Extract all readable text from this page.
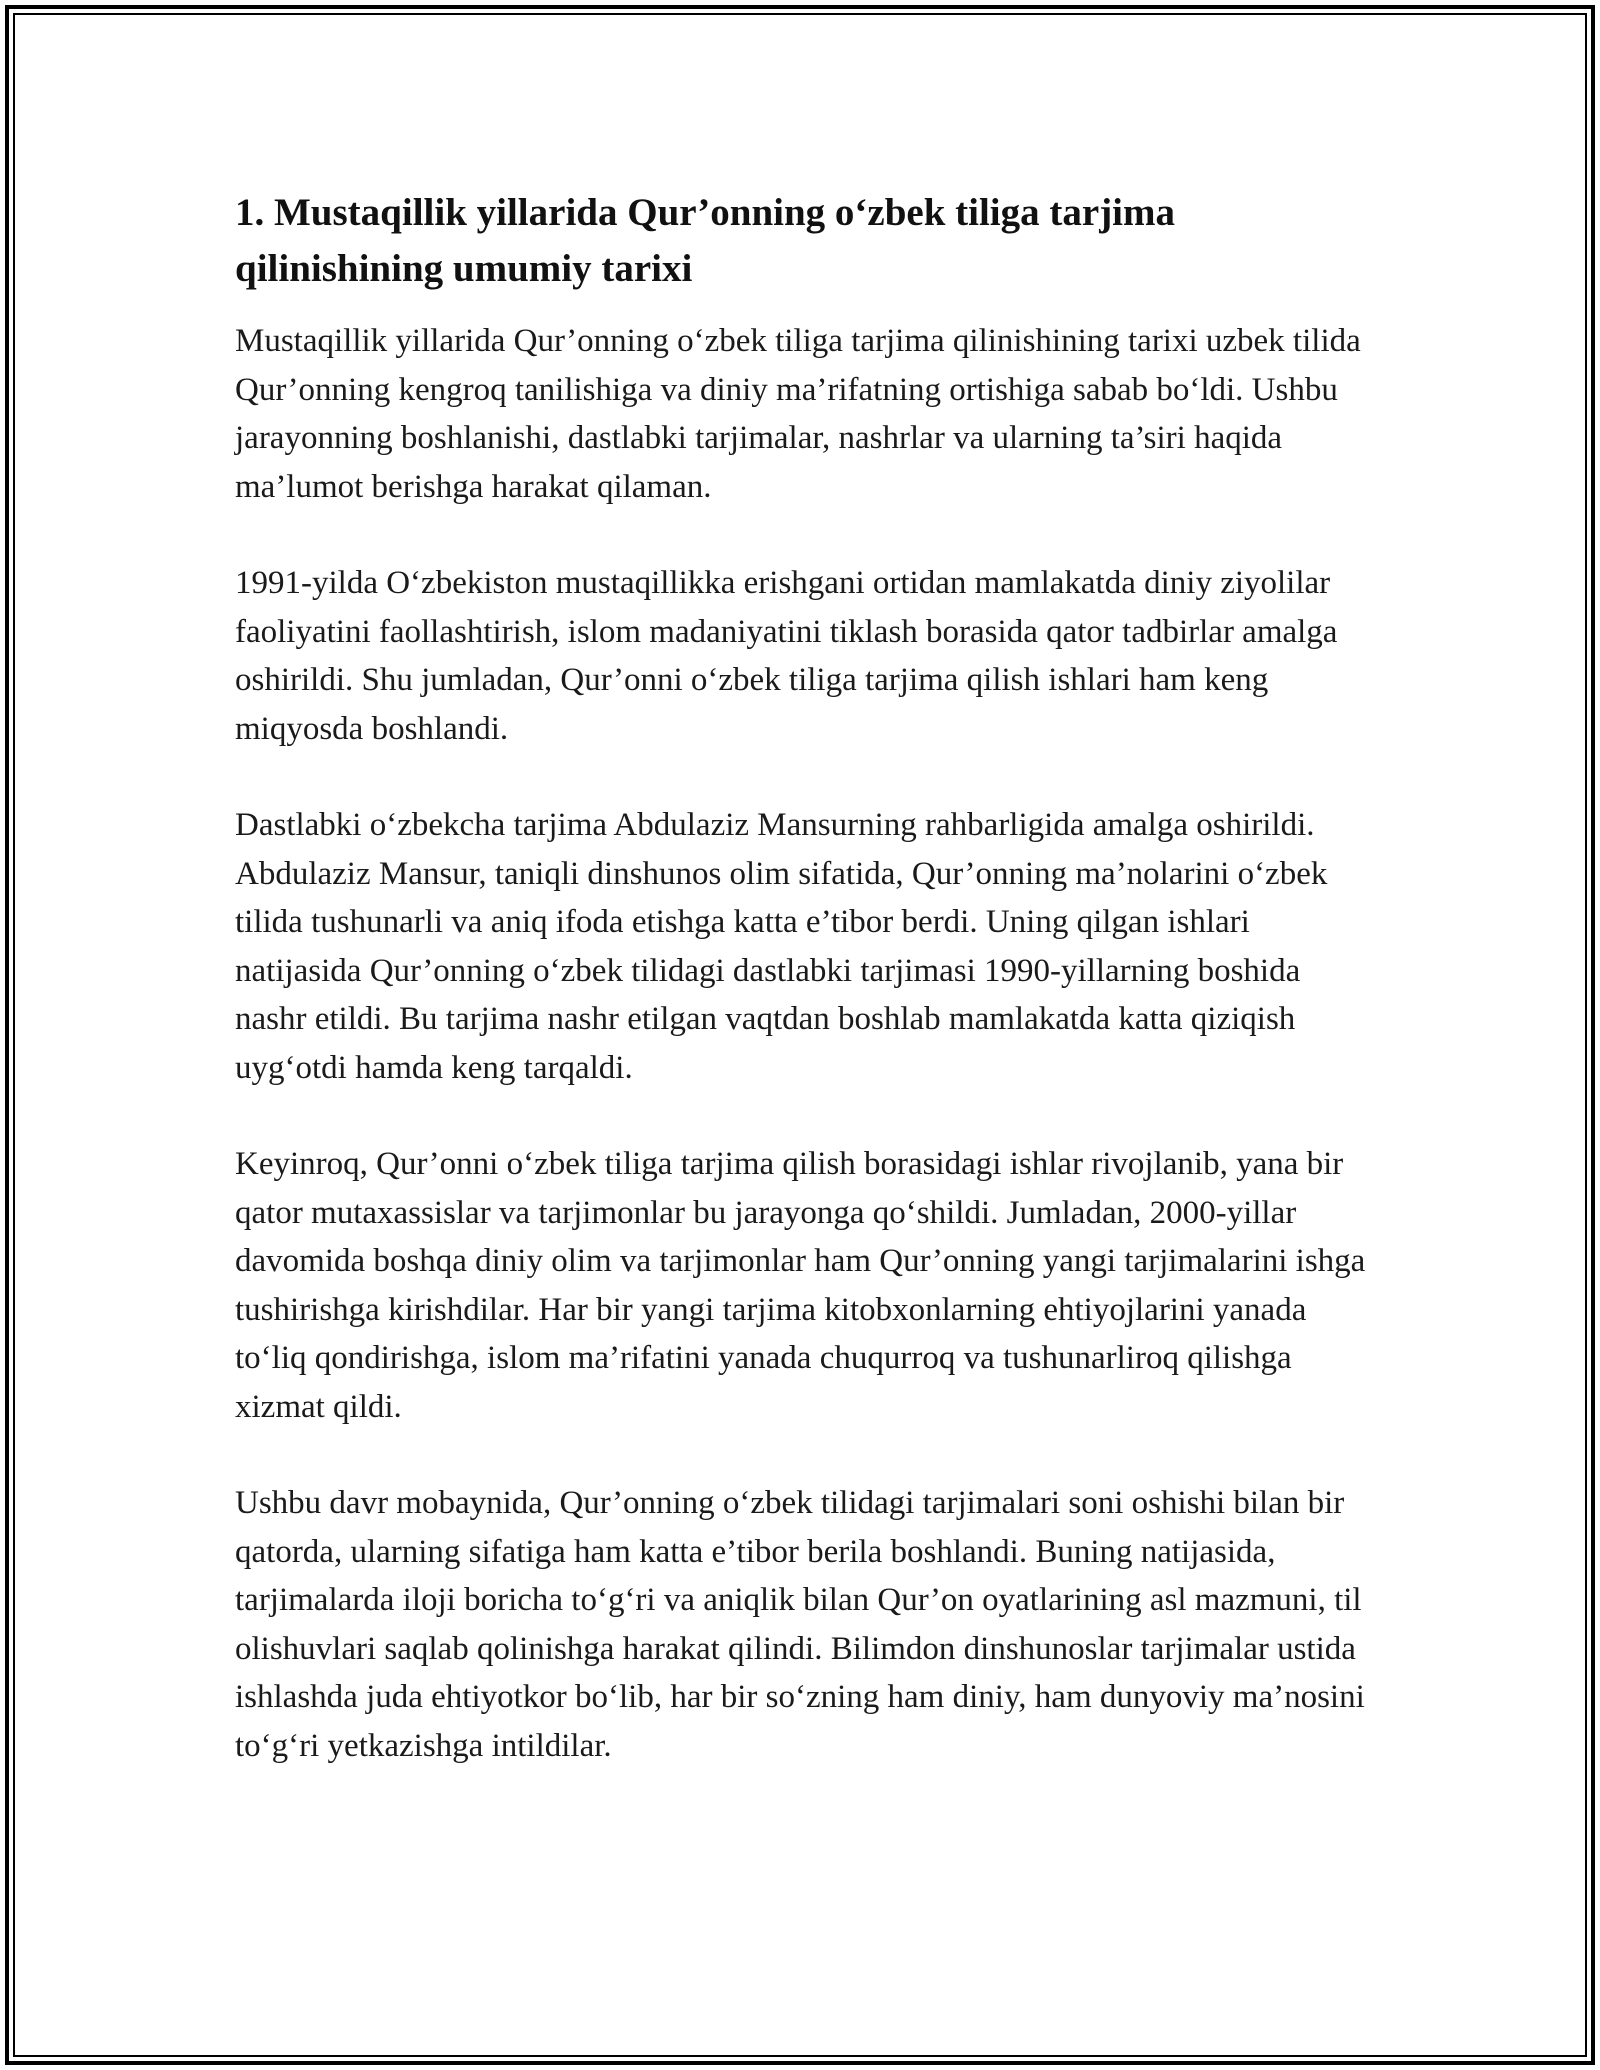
1. Mustaqillik yillarida Qur’onning o‘zbek tiliga tarjima qilinishining umumiy tarixi

Mustaqillik yillarida Qur’onning o‘zbek tiliga tarjima qilinishining tarixi uzbek tilida Qur’onning kengroq tanilishiga va diniy ma’rifatning ortishiga sabab bo‘ldi. Ushbu jarayonning boshlanishi, dastlabki tarjimalar, nashrlar va ularning ta’siri haqida ma’lumot berishga harakat qilaman.

1991-yilda O‘zbekiston mustaqillikka erishgani ortidan mamlakatda diniy ziyolilar faoliyatini faollashtirish, islom madaniyatini tiklash borasida qator tadbirlar amalga oshirildi. Shu jumladan, Qur’onni o‘zbek tiliga tarjima qilish ishlari ham keng miqyosda boshlandi.

Dastlabki o‘zbekcha tarjima Abdulaziz Mansurning rahbarligida amalga oshirildi. Abdulaziz Mansur, taniqli dinshunos olim sifatida, Qur’onning ma’nolarini o‘zbek tilida tushunarli va aniq ifoda etishga katta e’tibor berdi. Uning qilgan ishlari natijasida Qur’onning o‘zbek tilidagi dastlabki tarjimasi 1990-yillarning boshida nashr etildi. Bu tarjima nashr etilgan vaqtdan boshlab mamlakatda katta qiziqish uyg‘otdi hamda keng tarqaldi.

Keyinroq, Qur’onni o‘zbek tiliga tarjima qilish borasidagi ishlar rivojlanib, yana bir qator mutaxassislar va tarjimonlar bu jarayonga qo‘shildi. Jumladan, 2000-yillar davomida boshqa diniy olim va tarjimonlar ham Qur’onning yangi tarjimalarini ishga tushirishga kirishdilar. Har bir yangi tarjima kitobxonlarning ehtiyojlarini yanada to‘liq qondirishga, islom ma’rifatini yanada chuqurroq va tushunarliroq qilishga xizmat qildi.

Ushbu davr mobaynida, Qur’onning o‘zbek tilidagi tarjimalari soni oshishi bilan bir qatorda, ularning sifatiga ham katta e’tibor berila boshlandi. Buning natijasida, tarjimalarda iloji boricha to‘g‘ri va aniqlik bilan Qur’on oyatlarining asl mazmuni, til olishuvlari saqlab qolinishga harakat qilindi. Bilimdon dinshunoslar tarjimalar ustida ishlashda juda ehtiyotkor bo‘lib, har bir so‘zning ham diniy, ham dunyoviy ma’nosini to‘g‘ri yetkazishga intildilar.
